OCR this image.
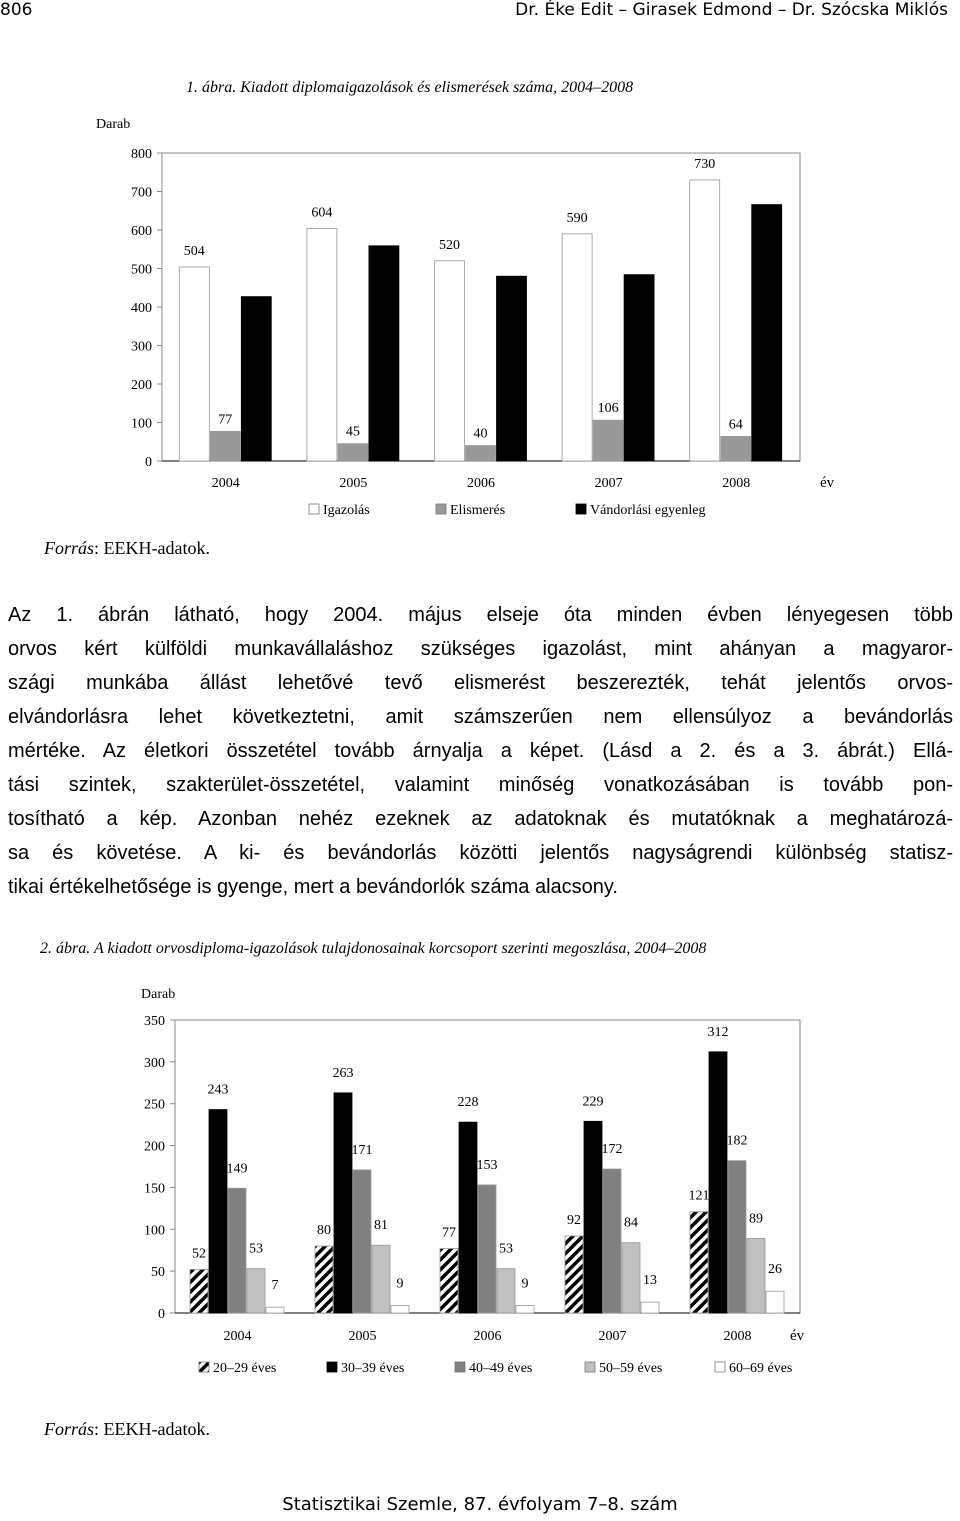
806	Dr. Éke Edit – Girasek Edmond – Dr. Szócska Miklós
1. ábra. Kiadott diplomaigazolások és elismerések száma, 2004–2008
Darab
0
100
200
300
400
500
600
700
800
504
77
427
2004
604
45
559
2005
520
40
480
2006
590
106
484
2007
730
64
666
2008	év
Igazolás	Elismerés	Vándorlási egyenleg
Forrás: EEKH-adatok.
Az 1. ábrán látható, hogy 2004. május elseje óta minden évben lényegesen több
orvos kért külföldi munkavállaláshoz szükséges igazolást, mint ahányan a magyaror-
szági munkába állást lehetővé tevő elismerést beszerezték, tehát jelentős orvos-
elvándorlásra lehet következtetni, amit számszerűen nem ellensúlyoz a bevándorlás
mértéke. Az életkori összetétel tovább árnyalja a képet. (Lásd a 2. és a 3. ábrát.) Ellá-
tási szintek, szakterület-összetétel, valamint minőség vonatkozásában is tovább pon-
tosítható a kép. Azonban nehéz ezeknek az adatoknak és mutatóknak a meghatározá-
sa és követése. A ki- és bevándorlás közötti jelentős nagyságrendi különbség statisz-
tikai értékelhetősége is gyenge, mert a bevándorlók száma alacsony.
2. ábra. A kiadott orvosdiploma-igazolások tulajdonosainak korcsoport szerinti megoszlása, 2004–2008
Darab
0
50
100
150
200
250
300
350
52
243
149
53
7
2004
80
263
171
81
9
2005
77
228
153
53
9
2006
92
229
172
84
13
2007
121
312
182
89
26
2008	év
20–29 éves	30–39 éves	40–49 éves	50–59 éves	60–69 éves
Forrás: EEKH-adatok.
Statisztikai Szemle, 87. évfolyam 7–8. szám
